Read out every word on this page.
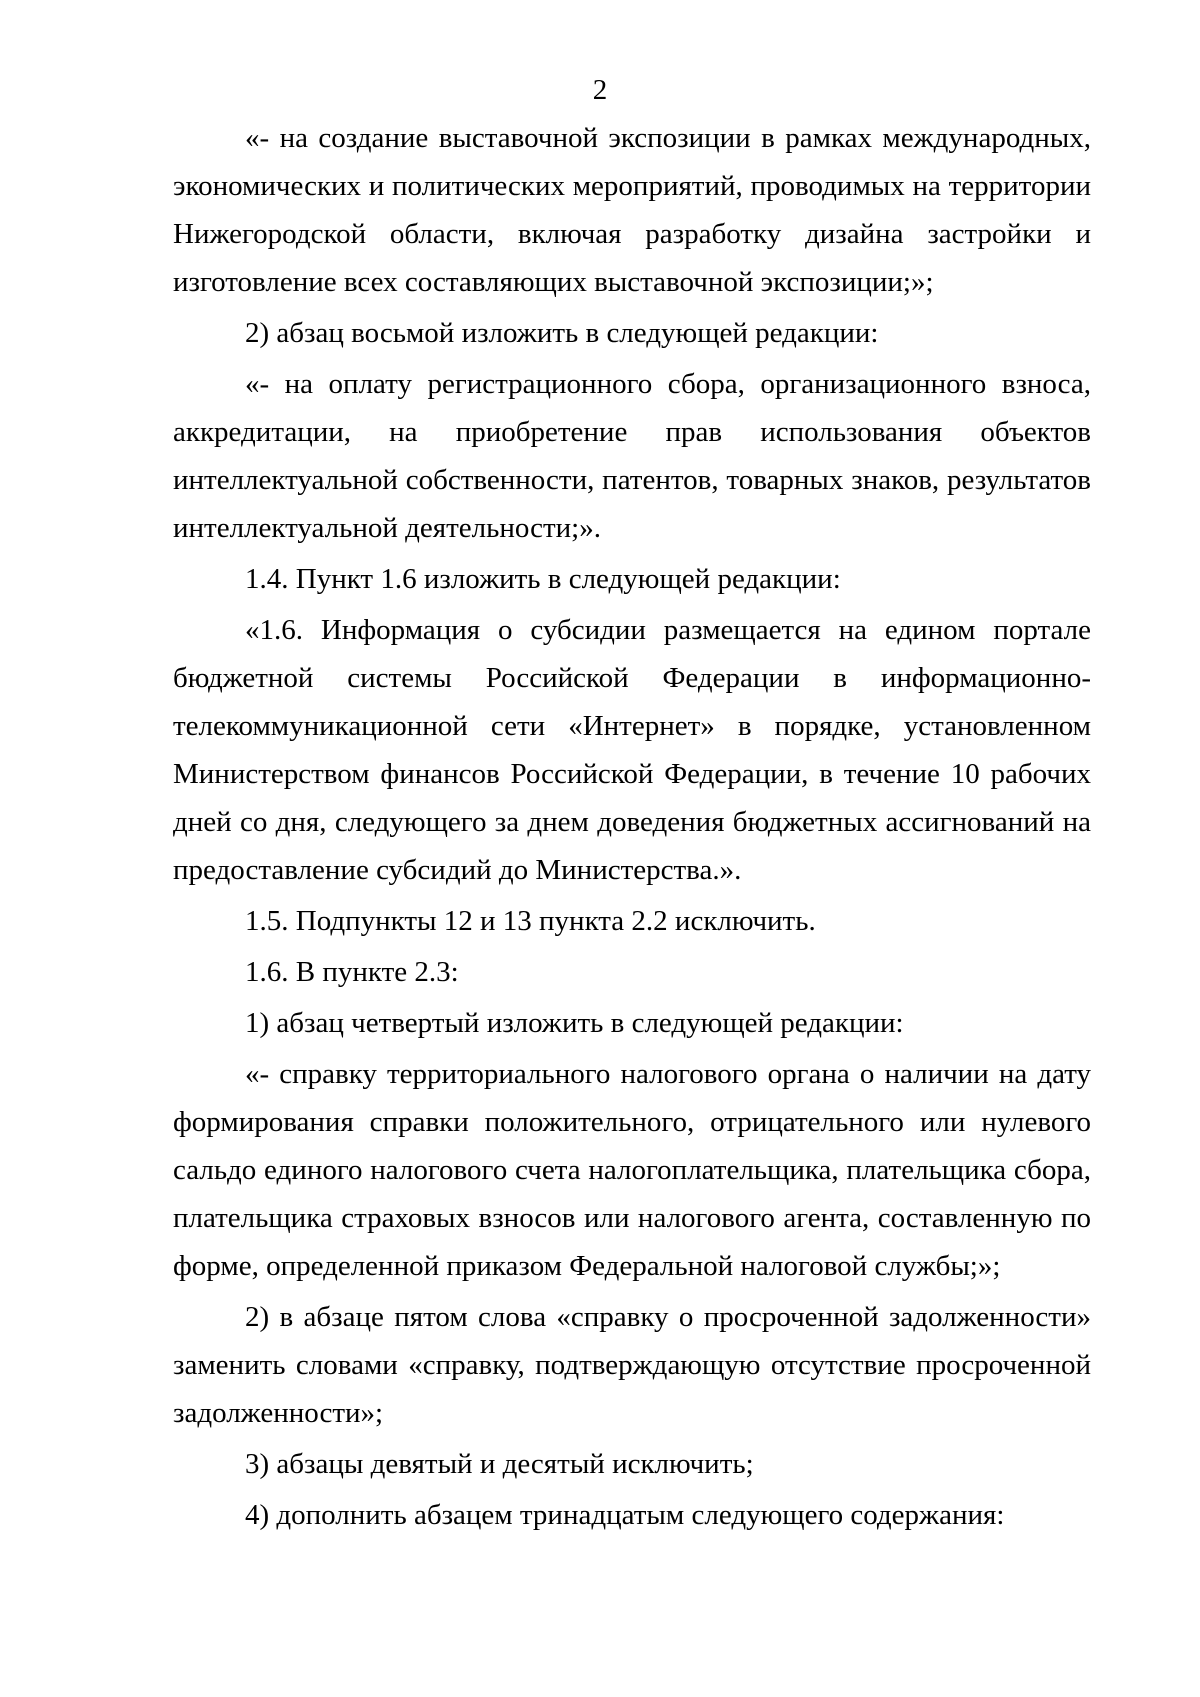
2

«- на создание выставочной экспозиции в рамках международных, экономических и политических мероприятий, проводимых на территории Нижегородской области, включая разработку дизайна застройки и изготовление всех составляющих выставочной экспозиции;»;

2) абзац восьмой изложить в следующей редакции:

«- на оплату регистрационного сбора, организационного взноса, аккредитации, на приобретение прав использования объектов интеллектуальной собственности, патентов, товарных знаков, результатов интеллектуальной деятельности;».

1.4. Пункт 1.6 изложить в следующей редакции:

«1.6. Информация о субсидии размещается на едином портале бюджетной системы Российской Федерации в информационно-телекоммуникационной сети «Интернет» в порядке, установленном Министерством финансов Российской Федерации, в течение 10 рабочих дней со дня, следующего за днем доведения бюджетных ассигнований на предоставление субсидий до Министерства.».

1.5. Подпункты 12 и 13 пункта 2.2 исключить.

1.6. В пункте 2.3:

1) абзац четвертый изложить в следующей редакции:

«- справку территориального налогового органа о наличии на дату формирования справки положительного, отрицательного или нулевого сальдо единого налогового счета налогоплательщика, плательщика сбора, плательщика страховых взносов или налогового агента, составленную по форме, определенной приказом Федеральной налоговой службы;»;

2) в абзаце пятом слова «справку о просроченной задолженности» заменить словами «справку, подтверждающую отсутствие просроченной задолженности»;

3) абзацы девятый и десятый исключить;

4) дополнить абзацем тринадцатым следующего содержания:
